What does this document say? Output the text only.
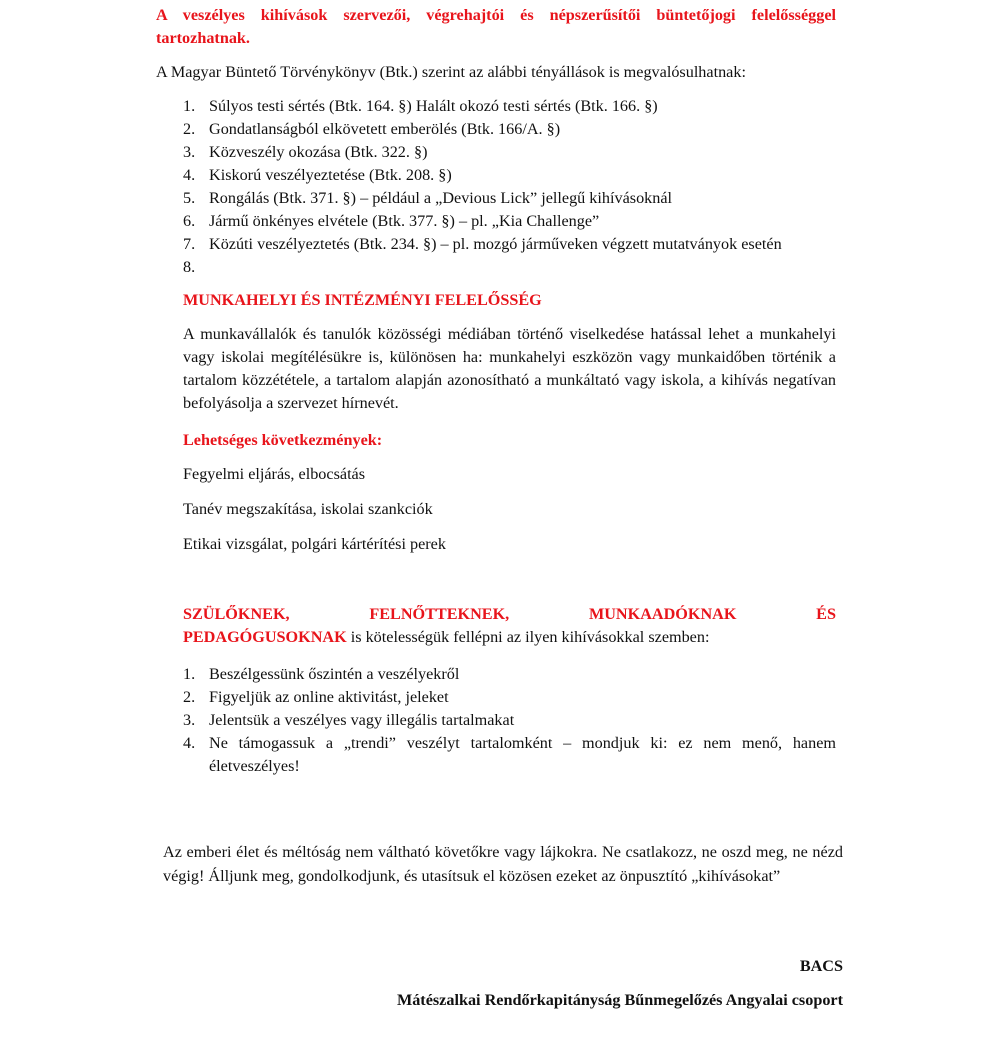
A veszélyes kihívások szervezői, végrehajtói és népszerűsítői büntetőjogi felelősséggel tartozhatnak.
A Magyar Büntető Törvénykönyv (Btk.) szerint az alábbi tényállások is megvalósulhatnak:
1. Súlyos testi sértés (Btk. 164. §) Halált okozó testi sértés (Btk. 166. §)
2. Gondatlanságból elkövetett emberölés (Btk. 166/A. §)
3. Közveszély okozása (Btk. 322. §)
4. Kiskorú veszélyeztetése (Btk. 208. §)
5. Rongálás (Btk. 371. §) – például a „Devious Lick” jellegű kihívásoknál
6. Jármű önkényes elvétele (Btk. 377. §) – pl. „Kia Challenge”
7. Közúti veszélyeztetés (Btk. 234. §) – pl. mozgó járműveken végzett mutatványok esetén
8.
MUNKAHELYI ÉS INTÉZMÉNYI FELELŐSSÉG
A munkavállalók és tanulók közösségi médiában történő viselkedése hatással lehet a munkahelyi vagy iskolai megítélésükre is, különösen ha: munkahelyi eszközön vagy munkaidőben történik a tartalom közzététele, a tartalom alapján azonosítható a munkáltató vagy iskola, a kihívás negatívan befolyásolja a szervezet hírnevét.
Lehetséges következmények:
Fegyelmi eljárás, elbocsátás
Tanév megszakítása, iskolai szankciók
Etikai vizsgálat, polgári kártérítési perek
SZÜLŐKNEK,	FELNŐTTEKNEK,	MUNKAADÓKNAK	ÉS
PEDAGÓGUSOKNAK is kötelességük fellépni az ilyen kihívásokkal szemben:
1. Beszélgessünk őszintén a veszélyekről
2. Figyeljük az online aktivitást, jeleket
3. Jelentsük a veszélyes vagy illegális tartalmakat
4. Ne támogassuk a „trendi” veszélyt tartalomként – mondjuk ki: ez nem menő, hanem életveszélyes!
Az emberi élet és méltóság nem váltható követőkre vagy lájkokra. Ne csatlakozz, ne oszd meg, ne nézd végig! Álljunk meg, gondolkodjunk, és utasítsuk el közösen ezeket az önpusztító „kihívásokat”
BACS
Mátészalkai Rendőrkapitányság Bűnmegelőzés Angyalai csoport
